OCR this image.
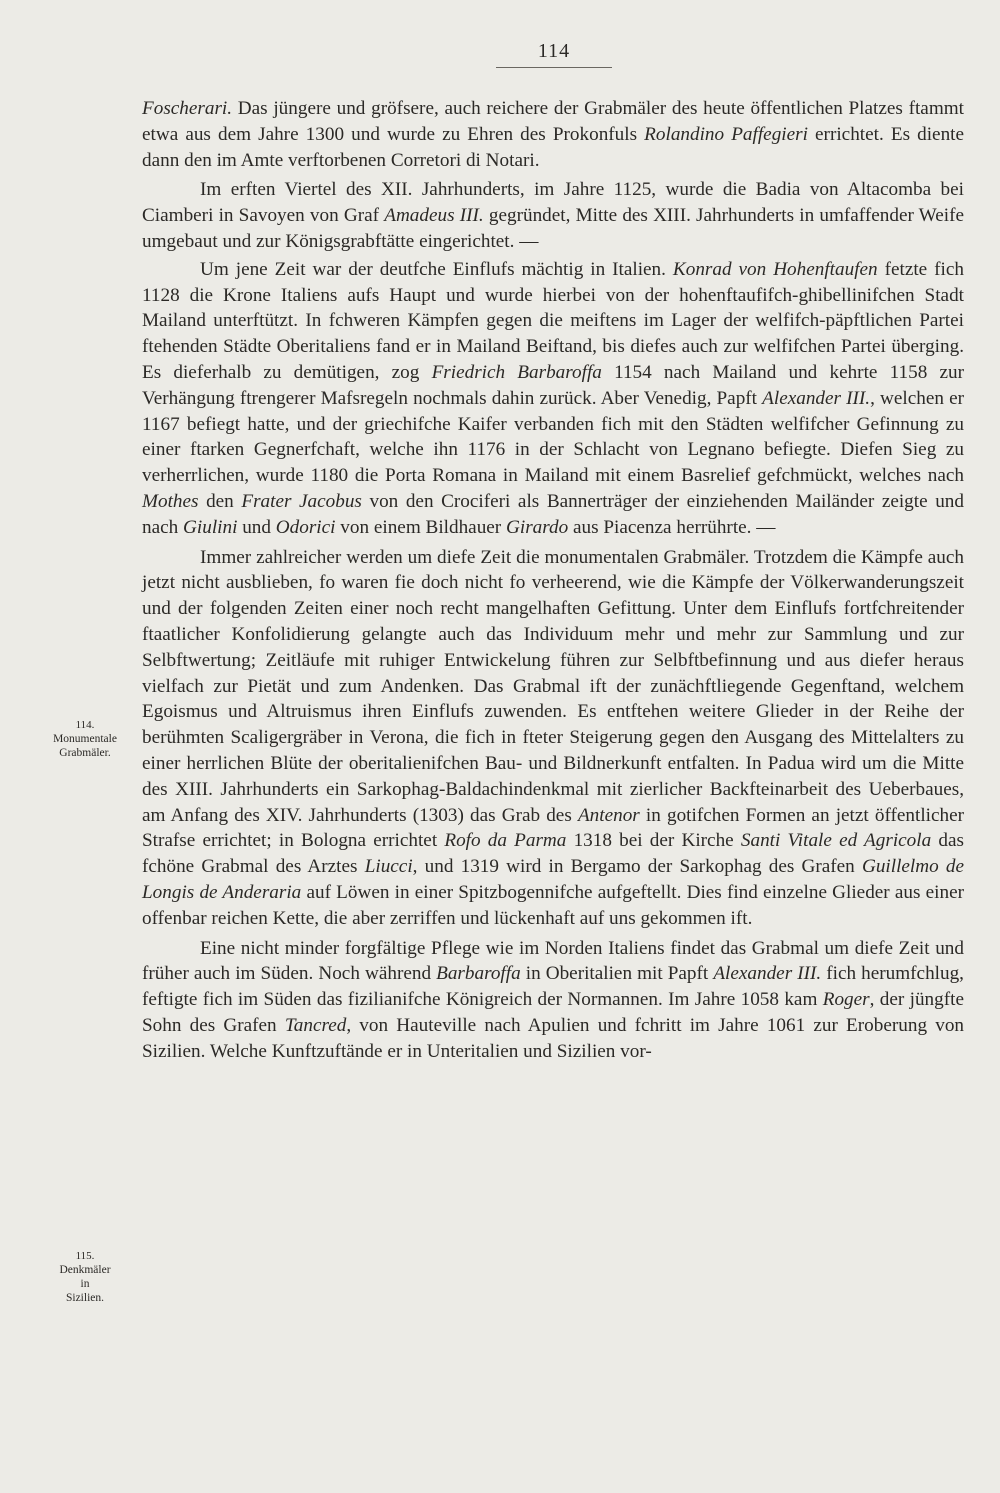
114

Foscherari. Das jüngere und gröfsere, auch reichere der Grabmäler des heute öffentlichen Platzes ftammt etwa aus dem Jahre 1300 und wurde zu Ehren des Prokonfuls Rolandino Paffegieri errichtet. Es diente dann den im Amte verftorbenen Corretori di Notari.

Im erften Viertel des XII. Jahrhunderts, im Jahre 1125, wurde die Badia von Altacomba bei Ciamberi in Savoyen von Graf Amadeus III. gegründet, Mitte des XIII. Jahrhunderts in umfaffender Weife umgebaut und zur Königsgrabftätte eingerichtet. —

Um jene Zeit war der deutfche Einflufs mächtig in Italien. Konrad von Hohenftaufen fetzte fich 1128 die Krone Italiens aufs Haupt und wurde hierbei von der hohenftaufifch-ghibellinifchen Stadt Mailand unterftützt. In fchweren Kämpfen gegen die meiftens im Lager der welfifch-päpftlichen Partei ftehenden Städte Oberitaliens fand er in Mailand Beiftand, bis diefes auch zur welfifchen Partei überging. Es dieferhalb zu demütigen, zog Friedrich Barbaroffa 1154 nach Mailand und kehrte 1158 zur Verhängung ftrengerer Mafsregeln nochmals dahin zurück. Aber Venedig, Papft Alexander III., welchen er 1167 befiegt hatte, und der griechifche Kaifer verbanden fich mit den Städten welfifcher Gefinnung zu einer ftarken Gegnerfchaft, welche ihn 1176 in der Schlacht von Legnano befiegte. Diefen Sieg zu verherrlichen, wurde 1180 die Porta Romana in Mailand mit einem Basrelief gefchmückt, welches nach Mothes den Frater Jacobus von den Crociferi als Bannerträger der einziehenden Mailänder zeigte und nach Giulini und Odorici von einem Bildhauer Girardo aus Piacenza herrührte. —

Immer zahlreicher werden um diefe Zeit die monumentalen Grabmäler. Trotzdem die Kämpfe auch jetzt nicht ausblieben, fo waren fie doch nicht fo verheerend, wie die Kämpfe der Völkerwanderungszeit und der folgenden Zeiten einer noch recht mangelhaften Gefittung. Unter dem Einflufs fortfchreitender ftaatlicher Konfolidierung gelangte auch das Individuum mehr und mehr zur Sammlung und zur Selbftwertung; Zeitläufe mit ruhiger Entwickelung führen zur Selbftbefinnung und aus diefer heraus vielfach zur Pietät und zum Andenken. Das Grabmal ift der zunächftliegende Gegenftand, welchem Egoismus und Altruismus ihren Einflufs zuwenden. Es entftehen weitere Glieder in der Reihe der berühmten Scaligergräber in Verona, die fich in fteter Steigerung gegen den Ausgang des Mittelalters zu einer herrlichen Blüte der oberitalienifchen Bau- und Bildnerkunft entfalten. In Padua wird um die Mitte des XIII. Jahrhunderts ein Sarkophag-Baldachindenkmal mit zierlicher Backfteinarbeit des Ueberbaues, am Anfang des XIV. Jahrhunderts (1303) das Grab des Antenor in gotifchen Formen an jetzt öffentlicher Strafse errichtet; in Bologna errichtet Rofo da Parma 1318 bei der Kirche Santi Vitale ed Agricola das fchöne Grabmal des Arztes Liucci, und 1319 wird in Bergamo der Sarkophag des Grafen Guillelmo de Longis de Anderaria auf Löwen in einer Spitzbogennifche aufgeftellt. Dies find einzelne Glieder aus einer offenbar reichen Kette, die aber zerriffen und lückenhaft auf uns gekommen ift.

Eine nicht minder forgfältige Pflege wie im Norden Italiens findet das Grabmal um diefe Zeit und früher auch im Süden. Noch während Barbaroffa in Oberitalien mit Papft Alexander III. fich herumfchlug, feftigte fich im Süden das fizilianifche Königreich der Normannen. Im Jahre 1058 kam Roger, der jüngfte Sohn des Grafen Tancred, von Hauteville nach Apulien und fchritt im Jahre 1061 zur Eroberung von Sizilien. Welche Kunftzuftände er in Unteritalien und Sizilien vor-

114.
Monumentale
Grabmäler.
115.
Denkmäler
in
Sizilien.
